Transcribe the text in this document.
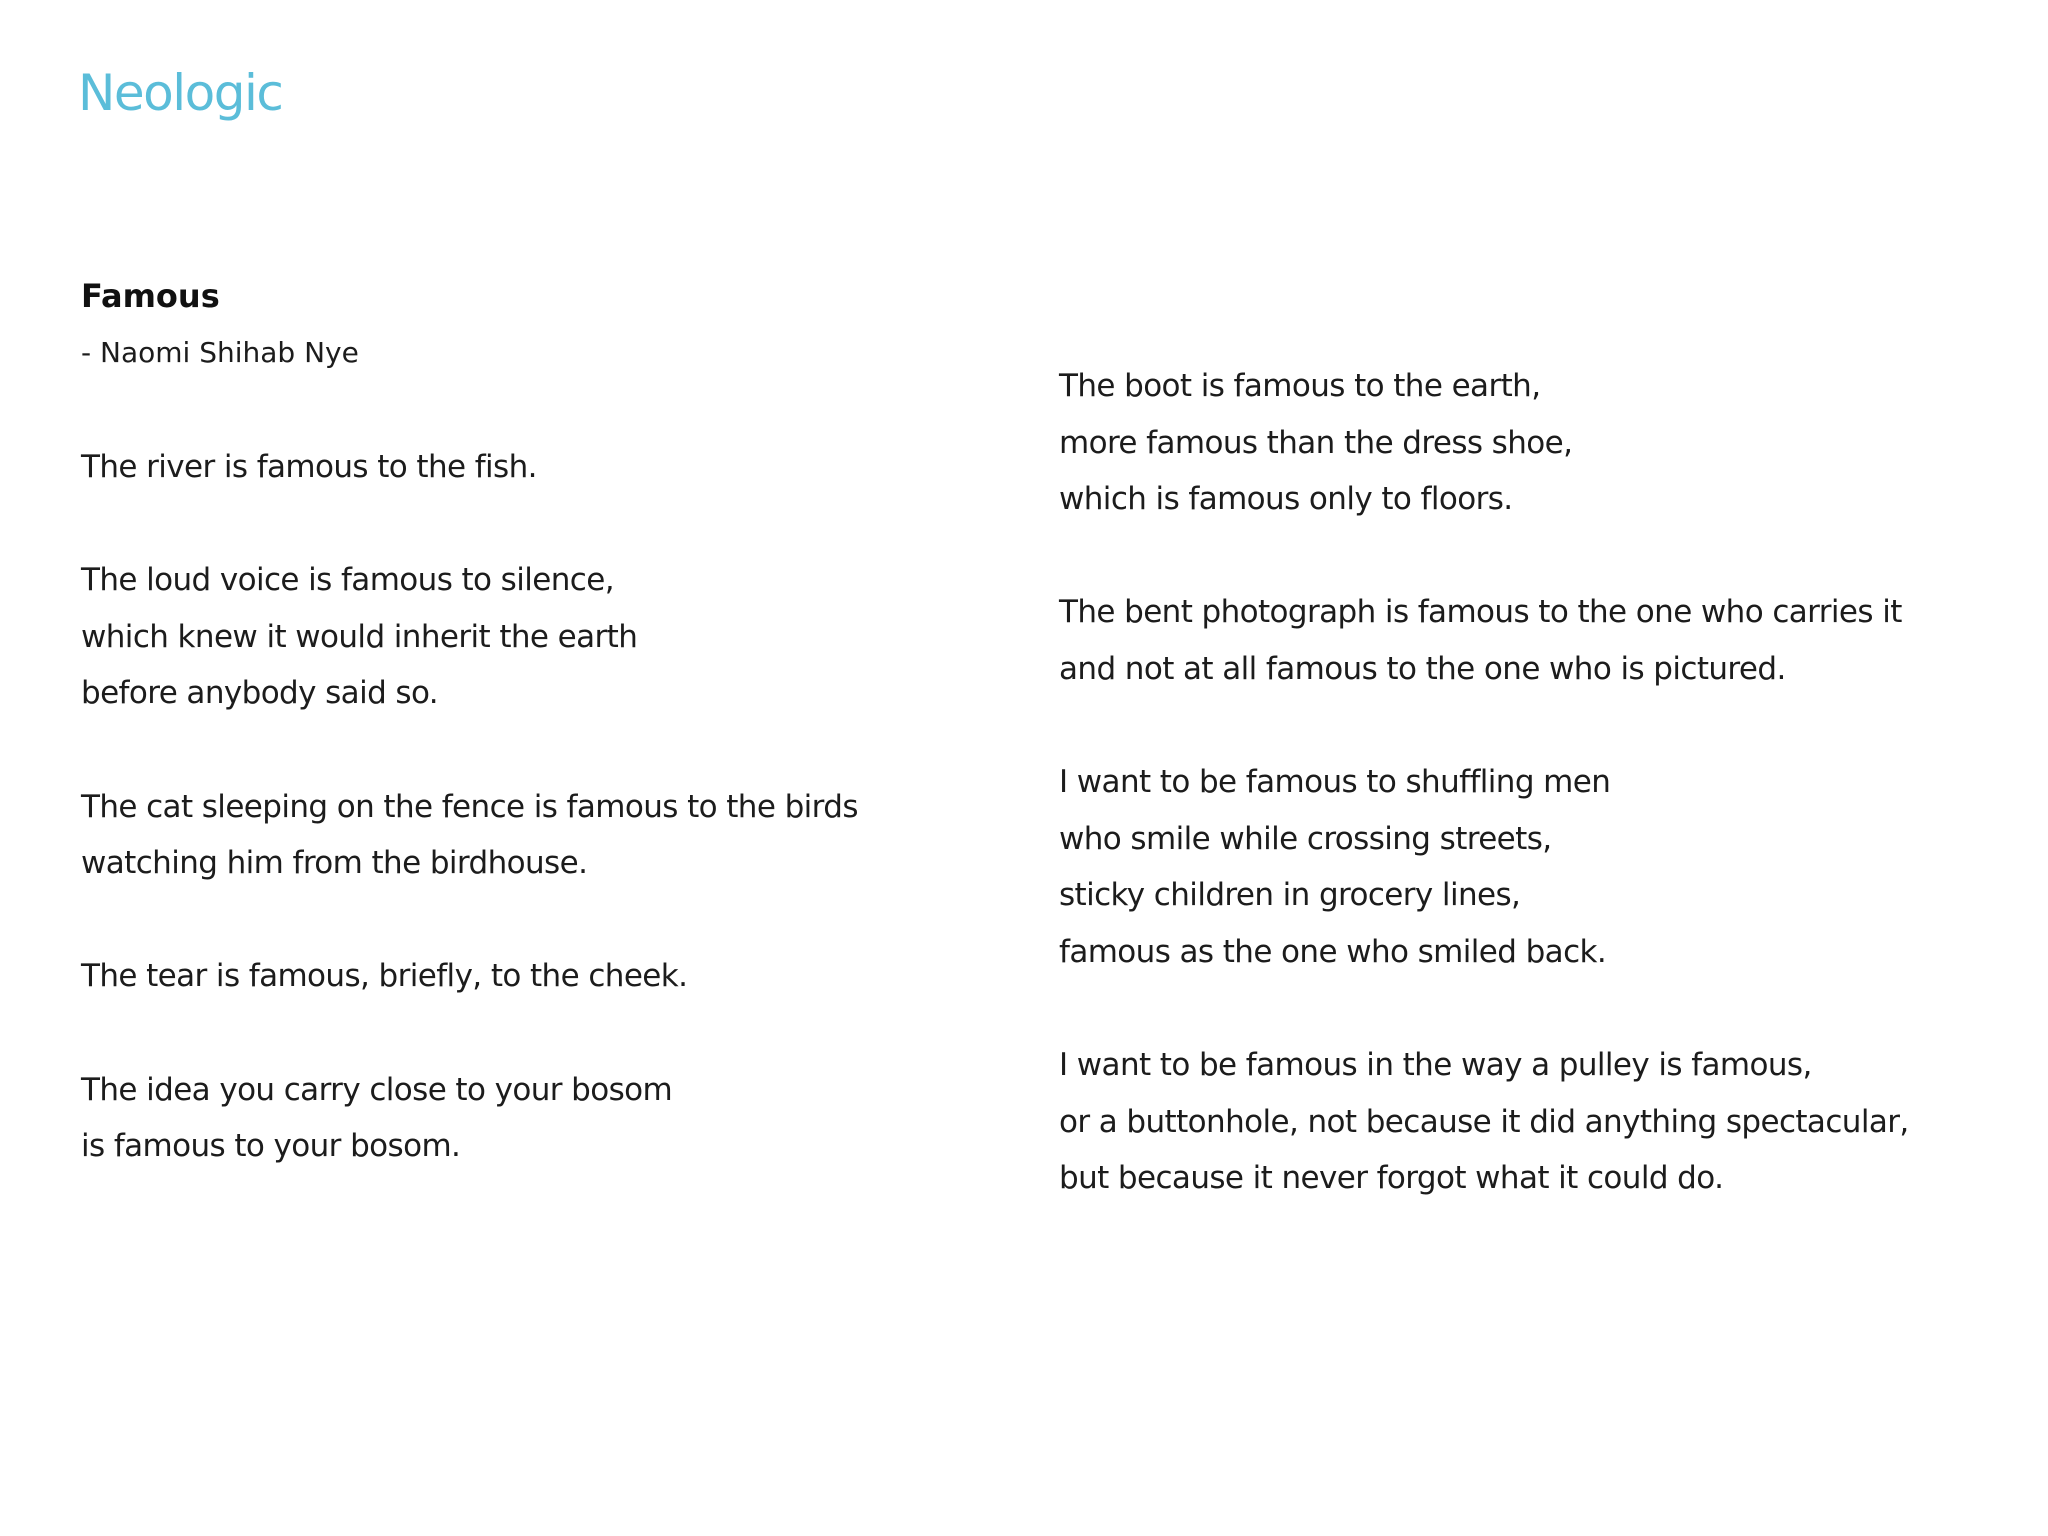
Neologic
Famous
- Naomi Shihab Nye
The river is famous to the fish.
The loud voice is famous to silence,
which knew it would inherit the earth
before anybody said so.
The cat sleeping on the fence is famous to the birds
watching him from the birdhouse.
The tear is famous, briefly, to the cheek.
The idea you carry close to your bosom
is famous to your bosom.
The boot is famous to the earth,
more famous than the dress shoe,
which is famous only to floors.
The bent photograph is famous to the one who carries it
and not at all famous to the one who is pictured.
I want to be famous to shuffling men
who smile while crossing streets,
sticky children in grocery lines,
famous as the one who smiled back.
I want to be famous in the way a pulley is famous,
or a buttonhole, not because it did anything spectacular,
but because it never forgot what it could do.
